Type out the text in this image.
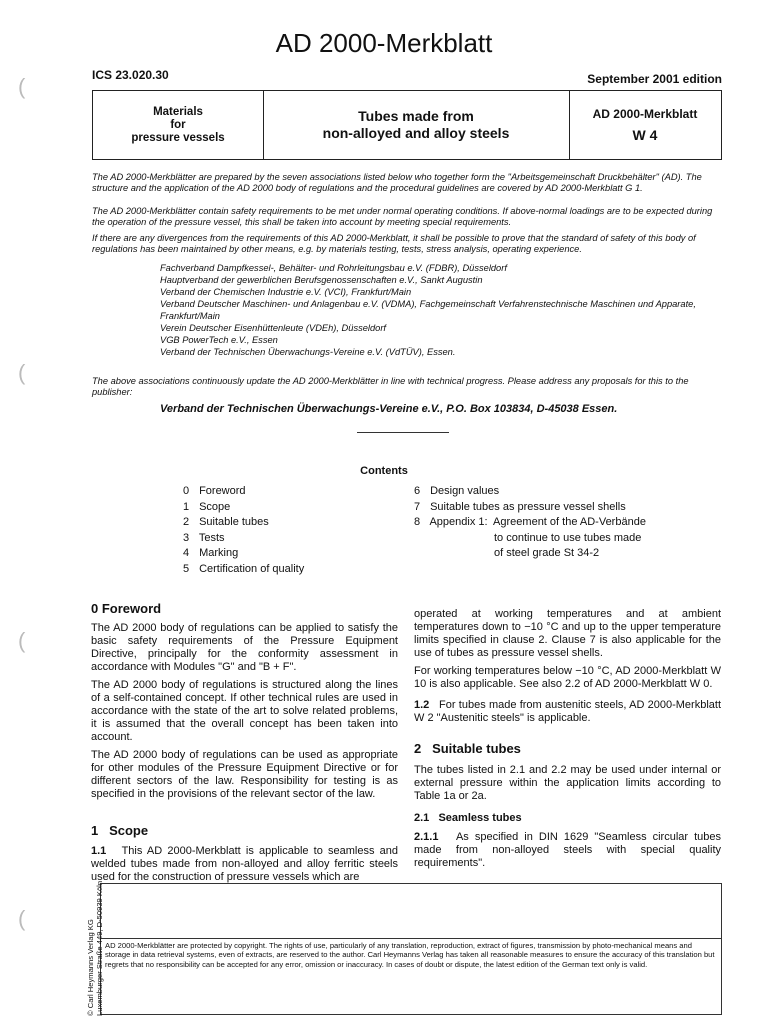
(
(
(
(
AD 2000-Merkblatt
ICS 23.020.30	September 2001 edition
Materials
for
pressure vessels
Tubes made from
non-alloyed and alloy steels
AD 2000-Merkblatt
W 4
The AD 2000-Merkblätter are prepared by the seven associations listed below who together form the "Arbeitsgemeinschaft Druckbehälter" (AD). The structure and the application of the AD 2000 body of regulations and the procedural guidelines are covered by AD 2000-Merkblatt G 1.
The AD 2000-Merkblätter contain safety requirements to be met under normal operating conditions. If above-normal loadings are to be expected during the operation of the pressure vessel, this shall be taken into account by meeting special requirements.
If there are any divergences from the requirements of this AD 2000-Merkblatt, it shall be possible to prove that the standard of safety of this body of regulations has been maintained by other means, e.g. by materials testing, tests, stress analysis, operating experience.
Fachverband Dampfkessel-, Behälter- und Rohrleitungsbau e.V. (FDBR), Düsseldorf
Hauptverband der gewerblichen Berufsgenossenschaften e.V., Sankt Augustin
Verband der Chemischen Industrie e.V. (VCI), Frankfurt/Main
Verband Deutscher Maschinen- und Anlagenbau e.V. (VDMA), Fachgemeinschaft Verfahrenstechnische Maschinen und Apparate, Frankfurt/Main
Verein Deutscher Eisenhüttenleute (VDEh), Düsseldorf
VGB PowerTech e.V., Essen
Verband der Technischen Überwachungs-Vereine e.V. (VdTÜV), Essen.
The above associations continuously update the AD 2000-Merkblätter in line with technical progress. Please address any proposals for this to the publisher:
Verband der Technischen Überwachungs-Vereine e.V., P.O. Box 103834, D-45038 Essen.
Contents
0 Foreword
1 Scope
2 Suitable tubes
3 Tests
4 Marking
5 Certification of quality
6 Design values
7 Suitable tubes as pressure vessel shells
8 Appendix 1:  Agreement of the AD-Verbände
to continue to use tubes made
of steel grade St 34-2
0 Foreword

The AD 2000 body of regulations can be applied to satisfy the basic safety requirements of the Pressure Equipment Directive, principally for the conformity assessment in accordance with Modules "G" and "B + F".

The AD 2000 body of regulations is structured along the lines of a self-contained concept. If other technical rules are used in accordance with the state of the art to solve related problems, it is assumed that the overall concept has been taken into account.

The AD 2000 body of regulations can be used as appropriate for other modules of the Pressure Equipment Directive or for different sectors of the law. Responsibility for testing is as specified in the provisions of the relevant sector of the law.

1   Scope

1.1 This AD 2000-Merkblatt is applicable to seamless and welded tubes made from non-alloyed and alloy ferritic steels used for the construction of pressure vessels which are

operated at working temperatures and at ambient temperatures down to −10 °C and up to the upper temperature limits specified in clause 2. Clause 7 is also applicable for the use of tubes as pressure vessel shells.

For working temperatures below −10 °C, AD 2000-Merkblatt W 10 is also applicable. See also 2.2 of AD 2000-Merkblatt W 0.

1.2 For tubes made from austenitic steels, AD 2000-Merkblatt W 2 "Austenitic steels" is applicable.

2   Suitable tubes

The tubes listed in 2.1 and 2.2 may be used under internal or external pressure within the application limits according to Table 1a or 2a.

2.1   Seamless tubes

2.1.1 As specified in DIN 1629 "Seamless circular tubes made from non-alloyed steels with special quality requirements".

AD 2000-Merkblätter are protected by copyright. The rights of use, particularly of any translation, reproduction, extract of figures, transmission by photo-mechanical means and storage in data retrieval systems, even of extracts, are reserved to the author. Carl Heymanns Verlag has taken all reasonable measures to ensure the accuracy of this translation but regrets that no responsibility can be accepted for any error, omission or inaccuracy. In cases of doubt or dispute, the latest edition of the German text only is valid.
© Carl Heymanns Verlag KG Luxemburger Straße 449, D-50939 Köln
